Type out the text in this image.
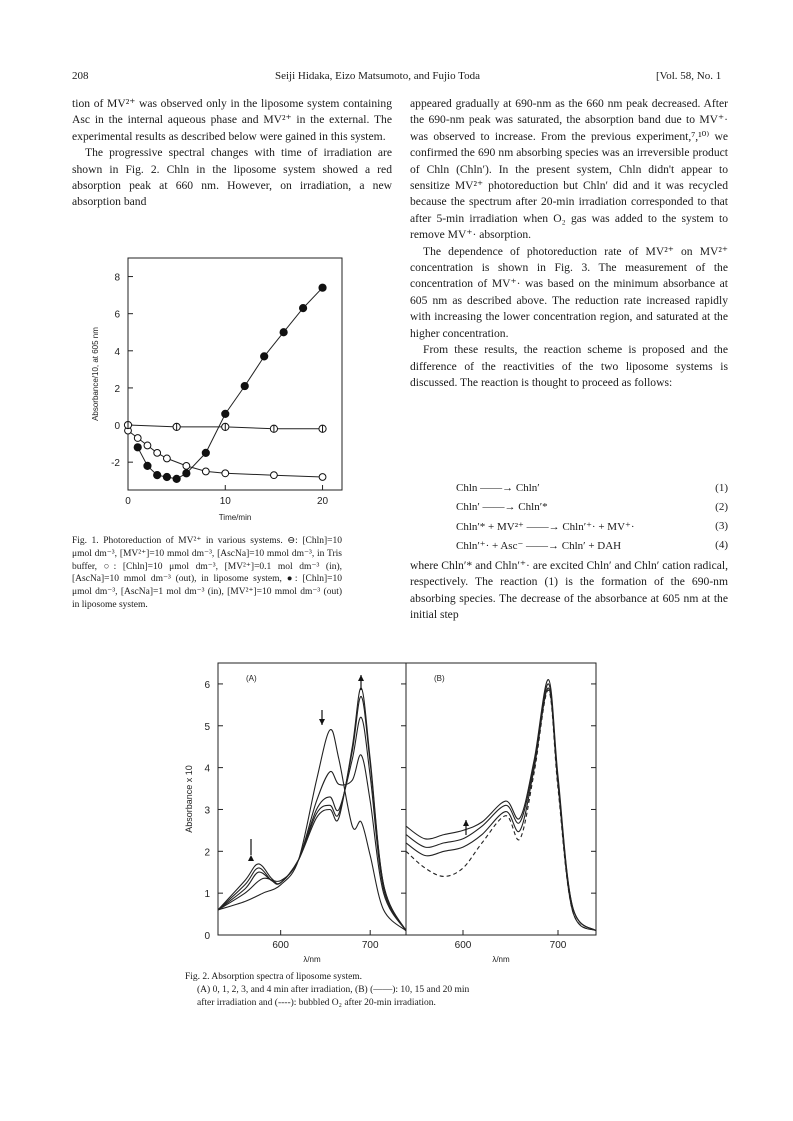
208	Seiji Hidaka, Eizo Matsumoto, and Fujio Toda	[Vol. 58, No. 1

tion of MV²⁺ was observed only in the liposome system containing Asc in the internal aqueous phase and MV²⁺ in the external. The experimental results as described below were gained in this system.

The progressive spectral changes with time of irradiation are shown in Fig. 2. Chln in the liposome system showed a red absorption peak at 660 nm. However, on irradiation, a new absorption band

appeared gradually at 690-nm as the 660 nm peak decreased. After the 690-nm peak was saturated, the absorption band due to MV⁺· was observed to increase. From the previous experiment,⁷,¹⁰⁾ we confirmed the 690 nm absorbing species was an irreversible product of Chln (Chln′). In the present system, Chln didn't appear to sensitize MV²⁺ photoreduction but Chln′ did and it was recycled because the spectrum after 20-min irradiation corresponded to that after 5-min irradiation when O₂ gas was added to the system to remove MV⁺· absorption.

The dependence of photoreduction rate of MV²⁺ on MV²⁺ concentration is shown in Fig. 3. The measurement of the concentration of MV⁺· was based on the minimum absorbance at 605 nm as described above. The reduction rate increased rapidly with increasing the lower concentration region, and saturated at the higher concentration.

From these results, the reaction scheme is proposed and the difference of the reactivities of the two liposome systems is discussed. The reaction is thought to proceed as follows:

Chln ——→ Chln′	(1)
Chln′ ——→ Chln′*	(2)
Chln′* + MV²⁺ ——→ Chln′⁺· + MV⁺·	(3)
Chln′⁺· + Asc⁻ ——→ Chln′ + DAH	(4)

where Chln′* and Chln′⁺· are excited Chln′ and Chln′ cation radical, respectively. The reaction (1) is the formation of the 690-nm absorbing species. The decrease of the absorbance at 605 nm at the initial step

-2
0
2
4
6
8
0	10	20
Time/min
Absorbance/10, at 605 nm
Fig. 1. Photoreduction of MV²⁺ in various systems. ⊖: [Chln]=10 μmol dm⁻³, [MV²⁺]=10 mmol dm⁻³, [AscNa]=10 mmol dm⁻³, in Tris buffer, ○: [Chln]=10 μmol dm⁻³, [MV²⁺]=0.1 mol dm⁻³ (in), [AscNa]=10 mmol dm⁻³ (out), in liposome system, ●: [Chln]=10 μmol dm⁻³, [AscNa]=1 mol dm⁻³ (in), [MV²⁺]=10 mmol dm⁻³ (out) in liposome system.
0
1
2
3
4
5
6
Absorbance x 10
600	700
λ/nm
(A)
600	700
λ/nm
(B)

Fig. 2. Absorption spectra of liposome system.

(A) 0, 1, 2, 3, and 4 min after irradiation, (B) (——): 10, 15 and 20 min

after irradiation and (----): bubbled O₂ after 20-min irradiation.
